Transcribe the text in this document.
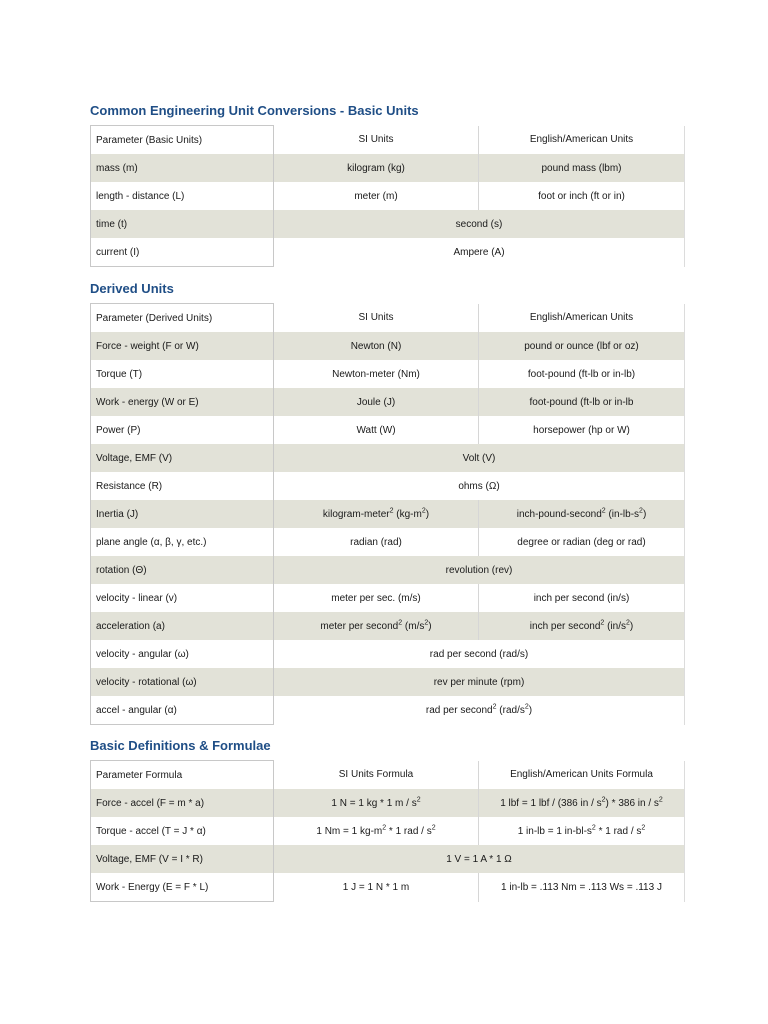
Common Engineering Unit Conversions - Basic Units
Parameter (Basic Units)	SI Units	English/American Units
mass (m)	kilogram (kg)	pound mass (lbm)
length - distance (L)	meter (m)	foot or inch (ft or in)
time (t)	second (s)	
current (I)	Ampere (A)	
Derived Units
Parameter (Derived Units)	SI Units	English/American Units
Force - weight (F or W)	Newton (N)	pound or ounce (lbf or oz)
Torque (T)	Newton-meter (Nm)	foot-pound (ft-lb or in-lb)
Work - energy (W or E)	Joule (J)	foot-pound (ft-lb or in-lb
Power (P)	Watt (W)	horsepower (hp or W)
Voltage, EMF (V)	Volt (V)	
Resistance (R)	ohms (Ω)	
Inertia (J)	kilogram-meter$^2$ $(kg-m^2)$	inch-pound-second$^2$ $(in-lb-s^2)$
plane angle (α, β, γ, etc.)	radian (rad)	degree or radian (deg or rad)
rotation (Θ)	revolution (rev)	
velocity - linear (v)	meter per sec. (m/s)	inch per second (in/s)
acceleration (a)	meter per second$^2$ $(m/s^2)$	inch per second$^2$ $(in/s^2)$
velocity - angular (ω)	rad per second (rad/s)	
velocity - rotational (ω)	rev per minute (rpm)	
accel - angular (α)	rad per second$^2$ $(rad/s^2)$	
Basic Definitions & Formulae
Parameter Formula	SI Units Formula	English/American Units Formula
Force - accel (F = m * a)	1 N = 1 kg * 1 m / $s^2$	1 lbf = 1 lbf / (386 in / $s^2) * 386$ in / $s^2$
Torque - accel (T = J * α)	1 Nm = 1 $kg-m^2 * 1$ rad / $s^2$	1 in-lb = 1 $in-bl-s^2 * 1$ rad / $s^2$
Voltage, EMF (V = I * R)	1 V = 1 A * 1 Ω	
Work - Energy (E = F * L)	1 J = 1 N * 1 m	1 in-lb = .113 Nm = .113 Ws = .113 J
